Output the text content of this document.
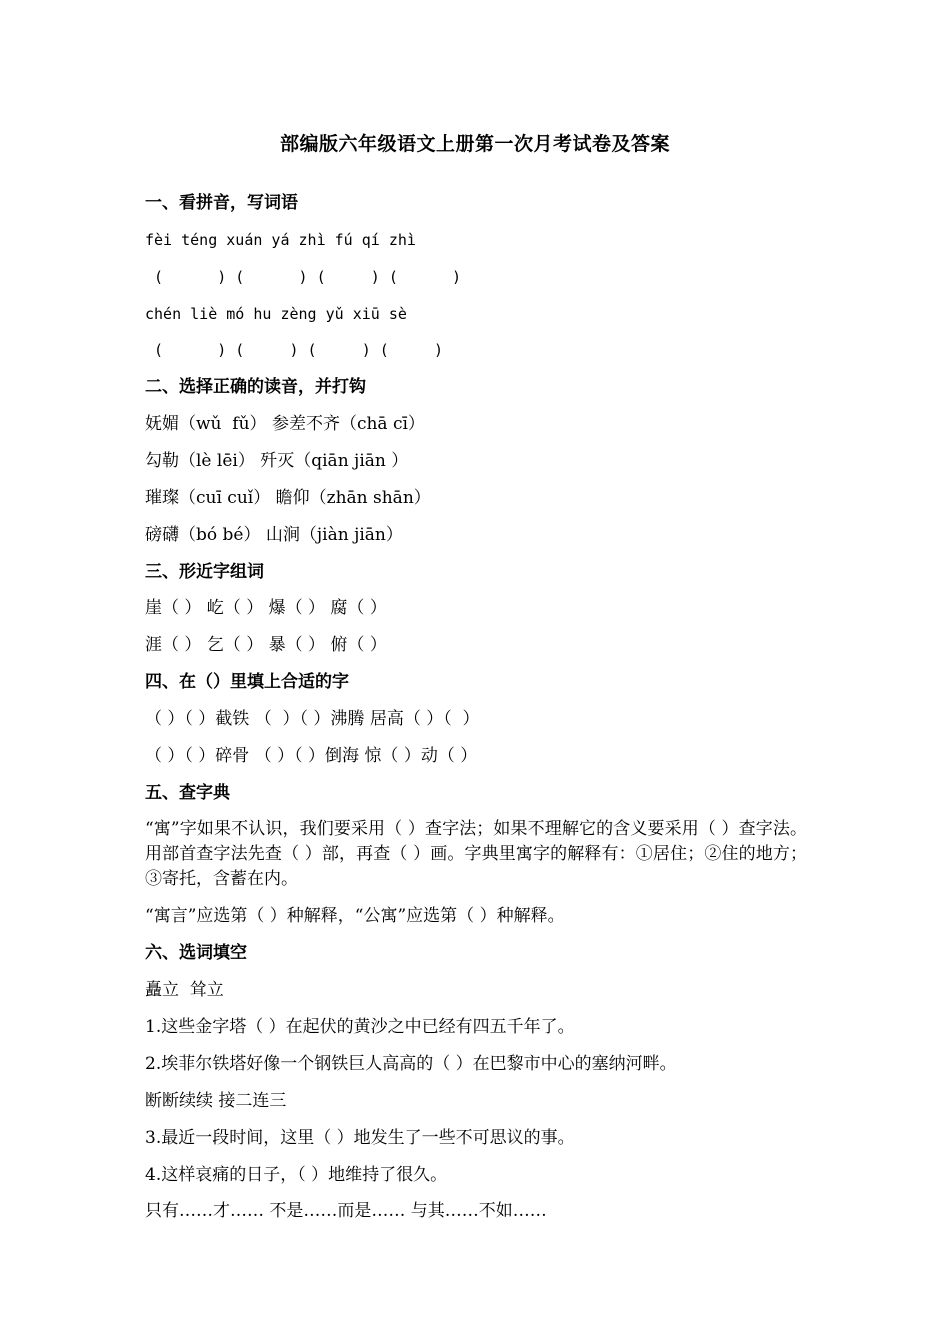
部编版六年级语文上册第一次月考试卷及答案
一、看拼音，写词语
fèi téng xuán yá zhì fú qí zhì
(      ) (      ) (     ) (      )
chén liè mó hu zèng yǔ xiū sè
(      ) (     ) (     ) (     )
二、选择正确的读音，并打钩
妩媚（wǔ  fǔ） 参差不齐（chā cī）
勾勒（lè lēi） 歼灭（qiān jiān ）
璀璨（cuī cuǐ） 瞻仰（zhān shān）
磅礴（bó bé） 山涧（jiàn jiān）
三、形近字组词
崖（ ） 屹（ ） 爆（ ） 腐（ ）
涯（ ） 乞（ ） 暴（ ） 俯（ ）
四、在（）里填上合适的字
（ ）（ ）截铁 （  ）（ ）沸腾 居高（ ）（  ）
（ ）（ ）碎骨 （ ）（ ）倒海 惊（ ）动（ ）
五、查字典
“寓”字如果不认识，我们要采用（ ）查字法；如果不理解它的含义要采用（ ）查字法。用部首查字法先查（ ）部，再查（ ）画。字典里寓字的解释有：①居住；②住的地方；③寄托，含蓄在内。
“寓言”应选第（ ）种解释，“公寓”应选第（ ）种解释。
六、选词填空
矗立  耸立
1.这些金字塔（ ）在起伏的黄沙之中已经有四五千年了。
2.埃菲尔铁塔好像一个钢铁巨人高高的（ ）在巴黎市中心的塞纳河畔。
断断续续 接二连三
3.最近一段时间，这里（ ）地发生了一些不可思议的事。
4.这样哀痛的日子，（ ）地维持了很久。
只有……才…… 不是……而是…… 与其……不如……
